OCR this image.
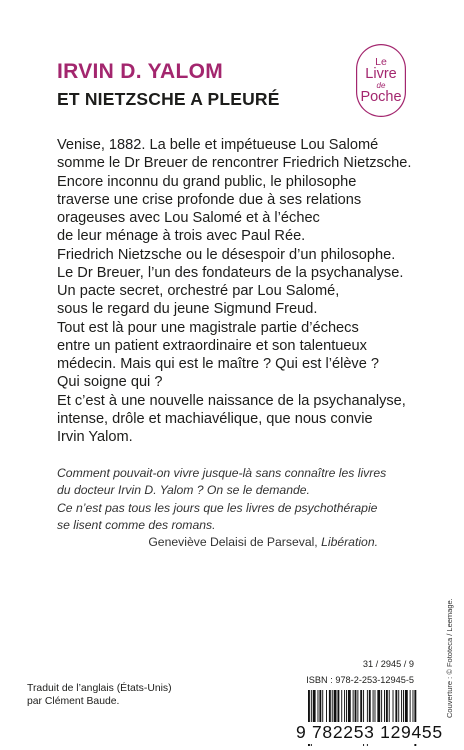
IRVIN D. YALOM
ET NIETZSCHE A PLEURÉ
Le
Livre
de
Poche
Venise, 1882. La belle et impétueuse Lou Salomé
somme le Dr Breuer de rencontrer Friedrich Nietzsche.
Encore inconnu du grand public, le philosophe
traverse une crise profonde due à ses relations
orageuses avec Lou Salomé et à l’échec
de leur ménage à trois avec Paul Rée.
Friedrich Nietzsche ou le désespoir d’un philosophe.
Le Dr Breuer, l’un des fondateurs de la psychanalyse.
Un pacte secret, orchestré par Lou Salomé,
sous le regard du jeune Sigmund Freud.
Tout est là pour une magistrale partie d’échecs
entre un patient extraordinaire et son talentueux
médecin. Mais qui est le maître ? Qui est l’élève ?
Qui soigne qui ?
Et c’est à une nouvelle naissance de la psychanalyse,
intense, drôle et machiavélique, que nous convie
Irvin Yalom.
Comment pouvait-on vivre jusque-là sans connaître les livres
du docteur Irvin D. Yalom ? On se le demande.
Ce n’est pas tous les jours que les livres de psychothérapie
se lisent comme des romans.
Geneviève Delaisi de Parseval, Libération.
Couverture : © Fototeca / Leemage.
Traduit de l’anglais (États-Unis)
par Clément Baude.
31 / 2945 / 9
ISBN : 978-2-253-12945-5
9 782253 129455
